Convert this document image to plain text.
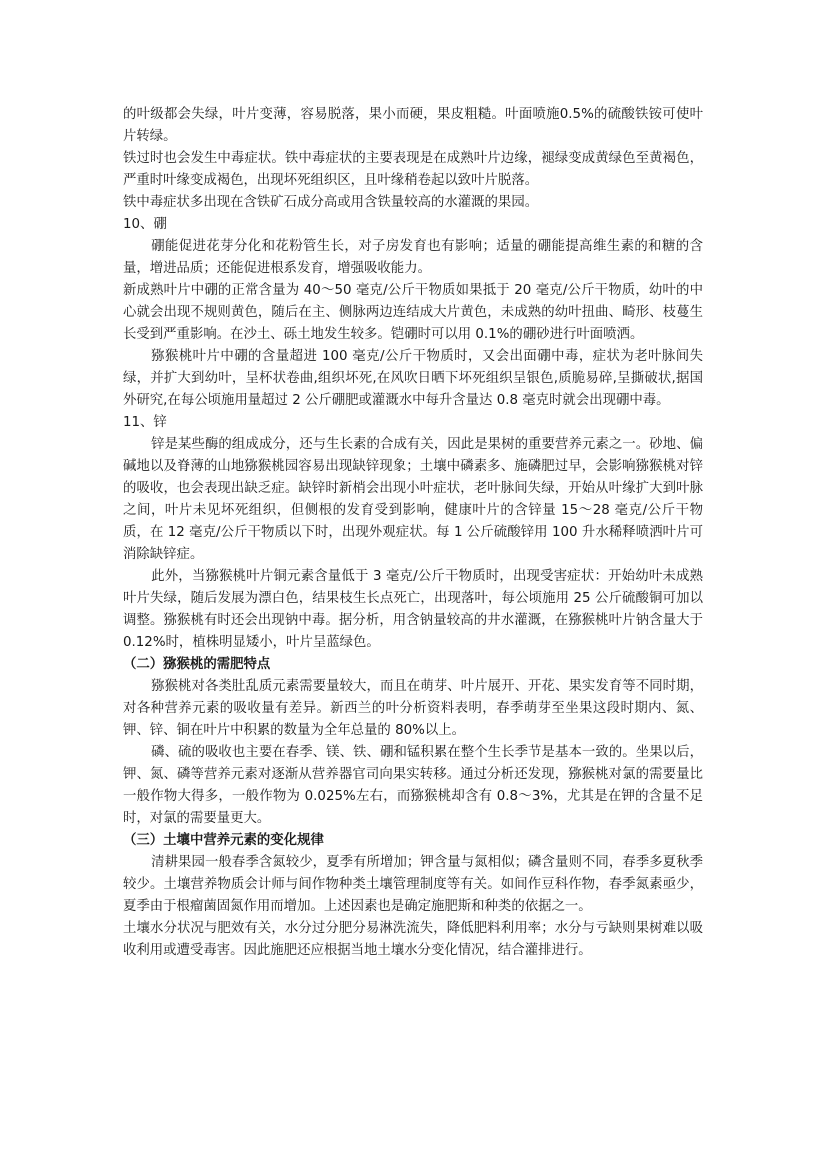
的叶级都会失绿，叶片变薄，容易脱落，果小而硬，果皮粗糙。叶面喷施0.5%的硫酸铁铵可使叶片转绿。

铁过时也会发生中毒症状。铁中毒症状的主要表现是在成熟叶片边缘，褪绿变成黄绿色至黄褐色，严重时叶缘变成褐色，出现坏死组织区，且叶缘稍卷起以致叶片脱落。

铁中毒症状多出现在含铁矿石成分高或用含铁量较高的水灌溉的果园。

10、硼

硼能促进花芽分化和花粉管生长，对子房发育也有影响；适量的硼能提高维生素的和糖的含量，增进品质；还能促进根系发育，增强吸收能力。

新成熟叶片中硼的正常含量为 40～50 毫克/公斤干物质如果抵于 20 毫克/公斤干物质，幼叶的中心就会出现不规则黄色，随后在主、侧脉两边连结成大片黄色，未成熟的幼叶扭曲、畸形、枝蔓生长受到严重影响。在沙土、砾土地发生较多。铠硼时可以用 0.1%的硼砂进行叶面喷洒。

猕猴桃叶片中硼的含量超进 100 毫克/公斤干物质时，又会出面硼中毒，症状为老叶脉间失绿，并扩大到幼叶，呈杯状卷曲,组织坏死,在风吹日晒下坏死组织呈银色,质脆易碎,呈撕破状,据国外研究,在每公顷施用量超过 2 公斤硼肥或灌溉水中每升含量达 0.8 毫克时就会出现硼中毒。

11、锌

锌是某些酶的组成成分，还与生长素的合成有关，因此是果树的重要营养元素之一。砂地、偏碱地以及脊薄的山地猕猴桃园容易出现缺锌现象；土壤中磷素多、施磷肥过早，会影响猕猴桃对锌的吸收，也会表现出缺乏症。缺锌时新梢会出现小叶症状，老叶脉间失绿，开始从叶缘扩大到叶脉之间，叶片未见坏死组织，但侧根的发育受到影响，健康叶片的含锌量 15～28 毫克/公斤干物质，在 12 毫克/公斤干物质以下时，出现外观症状。每 1 公斤硫酸锌用 100 升水稀释喷洒叶片可消除缺锌症。

此外，当猕猴桃叶片铜元素含量低于 3 毫克/公斤干物质时，出现受害症状：开始幼叶未成熟叶片失绿，随后发展为漂白色，结果枝生长点死亡，出现落叶，每公顷施用 25 公斤硫酸铜可加以调整。猕猴桃有时还会出现钠中毒。据分析，用含钠量较高的井水灌溉，在猕猴桃叶片钠含量大于 0.12%时，植株明显矮小，叶片呈蓝绿色。

（二）猕猴桃的需肥特点

猕猴桃对各类肚乱质元素需要量较大，而且在萌芽、叶片展开、开花、果实发育等不同时期，对各种营养元素的吸收量有差异。新西兰的叶分析资料表明，春季萌芽至坐果这段时期内、氮、钾、锌、铜在叶片中积累的数量为全年总量的 80%以上。

磷、硫的吸收也主要在春季、镁、铁、硼和锰积累在整个生长季节是基本一致的。坐果以后，钾、氮、磷等营养元素对逐渐从营养器官司向果实转移。通过分析还发现，猕猴桃对氯的需要量比一般作物大得多，一般作物为 0.025%左右，而猕猴桃却含有 0.8～3%，尤其是在钾的含量不足时，对氯的需要量更大。

（三）土壤中营养元素的变化规律

清耕果园一般春季含氮较少，夏季有所增加；钾含量与氮相似；磷含量则不同，春季多夏秋季较少。土壤营养物质会计师与间作物种类土壤管理制度等有关。如间作豆科作物，春季氮素亟少，夏季由于根瘤菌固氮作用而增加。上述因素也是确定施肥斯和种类的依据之一。

土壤水分状况与肥效有关，水分过分肥分易淋洗流失，降低肥料利用率；水分与亏缺则果树难以吸收利用或遭受毒害。因此施肥还应根据当地土壤水分变化情况，结合灌排进行。
